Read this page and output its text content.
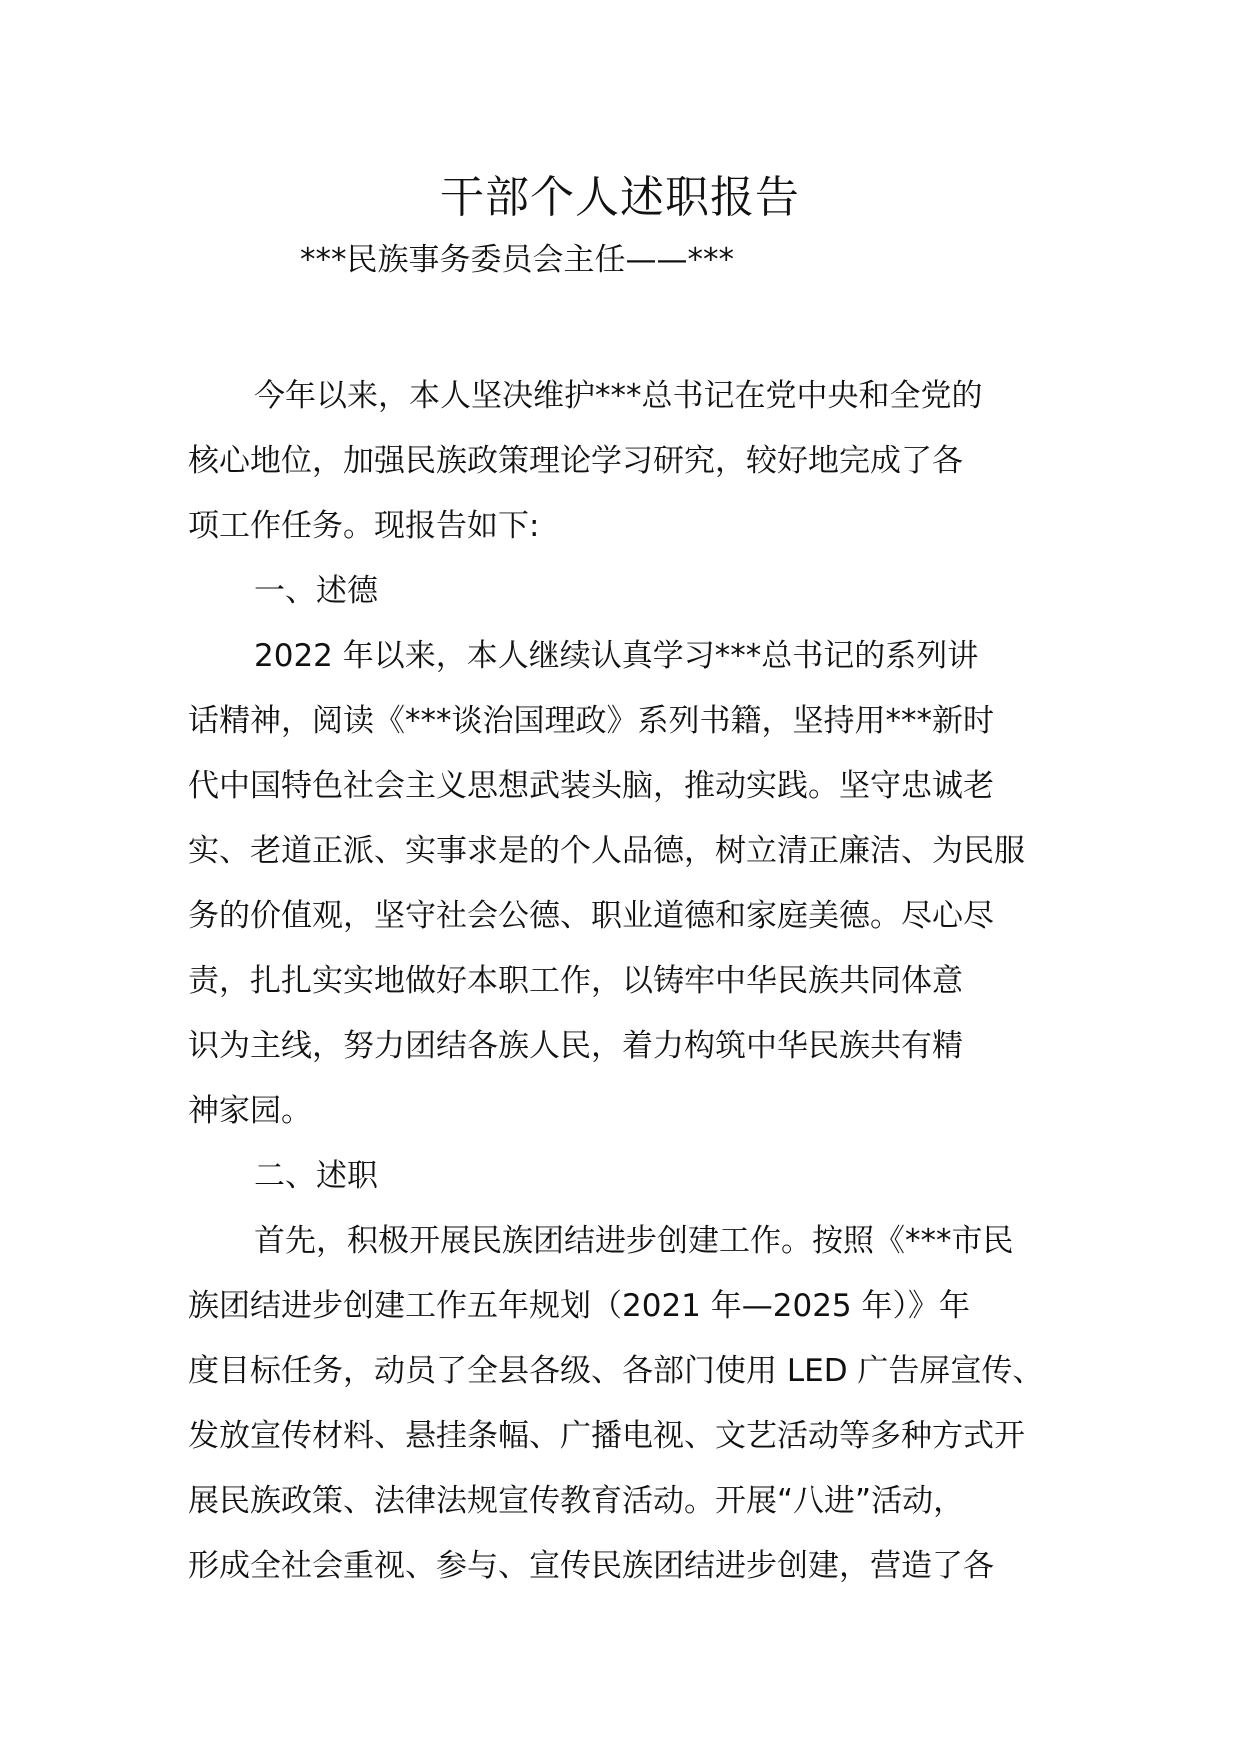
干部个人述职报告

***民族事务委员会主任——***

今年以来，本人坚决维护***总书记在党中央和全党的
核心地位，加强民族政策理论学习研究，较好地完成了各
项工作任务。现报告如下:
一、述德
2022 年以来，本人继续认真学习***总书记的系列讲
话精神，阅读《***谈治国理政》系列书籍，坚持用***新时
代中国特色社会主义思想武装头脑，推动实践。坚守忠诚老
实、老道正派、实事求是的个人品德，树立清正廉洁、为民服
务的价值观，坚守社会公德、职业道德和家庭美德。尽心尽
责，扎扎实实地做好本职工作，以铸牢中华民族共同体意
识为主线，努力团结各族人民，着力构筑中华民族共有精
神家园。
二、述职
首先，积极开展民族团结进步创建工作。按照《***市民
族团结进步创建工作五年规划（2021 年—2025 年）》年
度目标任务，动员了全县各级、各部门使用 LED 广告屏宣传、
发放宣传材料、悬挂条幅、广播电视、文艺活动等多种方式开
展民族政策、法律法规宣传教育活动。开展“八进”活动，
形成全社会重视、参与、宣传民族团结进步创建，营造了各
